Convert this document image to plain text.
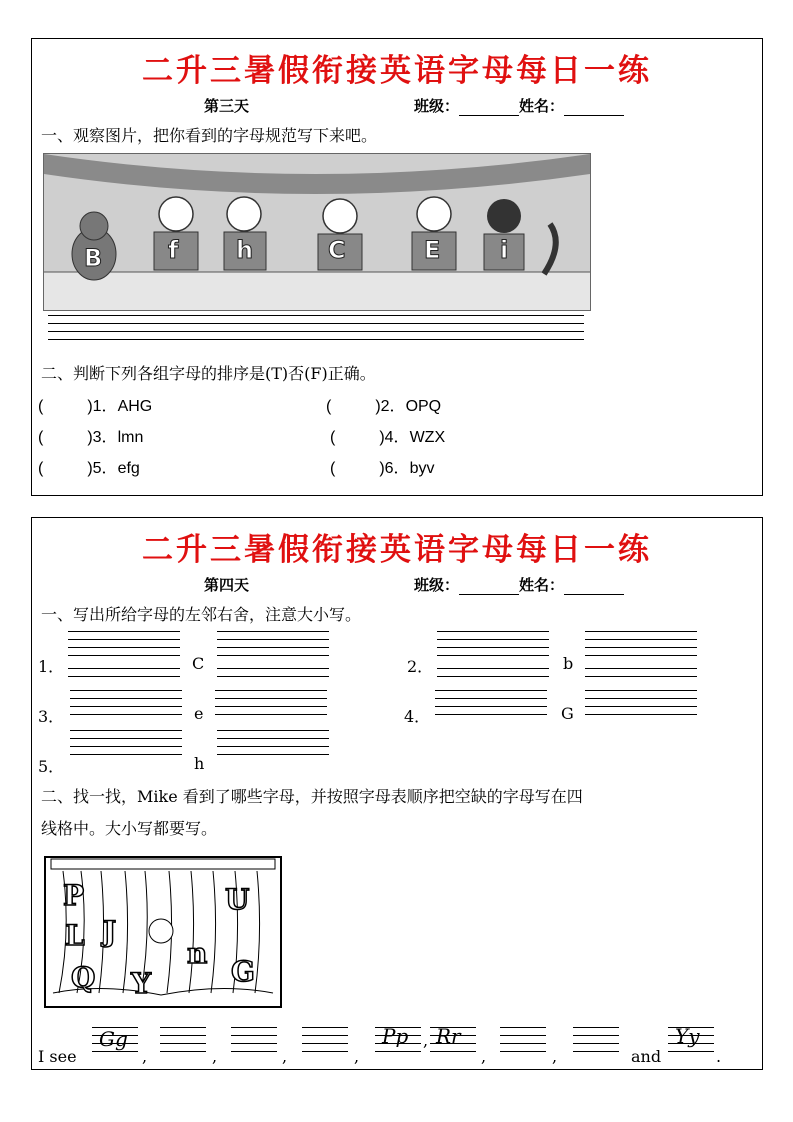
二升三暑假衔接英语字母每日一练
第三天	班级：	姓名：
一、观察图片，把你看到的字母规范写下来吧。
B	f h	C	E i
二、判断下列各组字母的排序是(T)否(F)正确。
(	)1．AHG	(	)2．OPQ
(	)3．lmn	(	)4．WZX
(	)5．efg	(	)6．byv
二升三暑假衔接英语字母每日一练
第四天	班级：	姓名：
一、写出所给字母的左邻右舍，注意大小写。
1．	C	2．	b
3．	e	4．	G
5．	h
二、找一找，Mike 看到了哪些字母，并按照字母表顺序把空缺的字母写在四
线格中。大小写都要写。
P
L J
n
U
G
Q Y
I see
Gg
,	,	,	,
Pp , Rr
,	,	and
Yy
.
